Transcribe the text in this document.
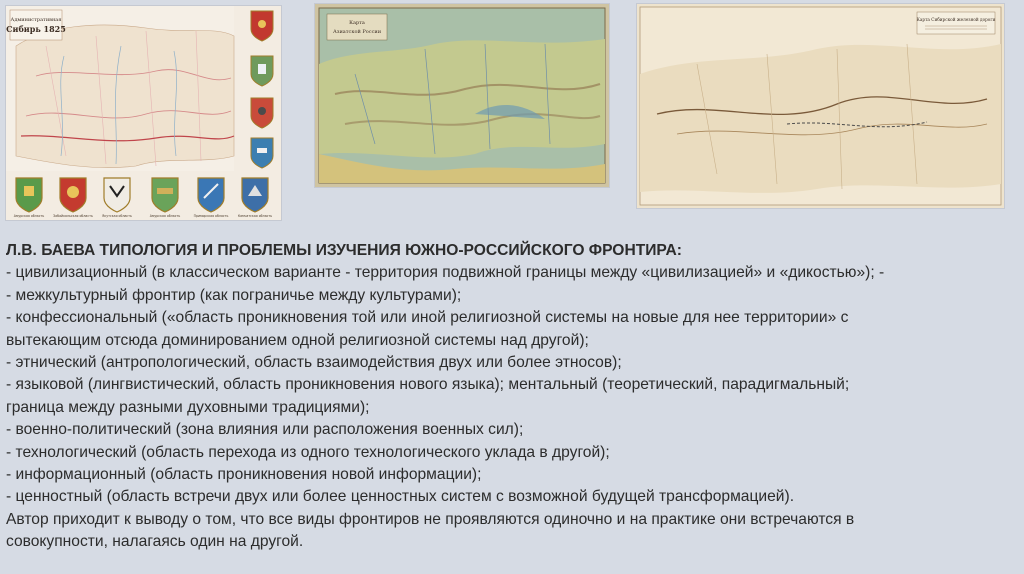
Административная
Сибирь 1825
Амурская область	Забайкальская область	Якутская область	Амурская область	Приморская область	Камчатская область
Карта
Азиатской России
Карта Сибирской железной дороги
Л.В. БАЕВА ТИПОЛОГИЯ И ПРОБЛЕМЫ ИЗУЧЕНИЯ ЮЖНО-РОССИЙСКОГО ФРОНТИРА:
- цивилизационный (в классическом варианте - территория подвижной границы между «цивилизацией» и «дикостью»); -
- межкультурный фронтир (как пограничье между культурами);
- конфессиональный («область проникновения той или иной религиозной системы на новые для нее территории» с
вытекающим отсюда доминированием одной религиозной системы над другой);
- этнический (антропологический, область взаимодействия двух или более этносов);
- языковой (лингвистический, область проникновения нового языка); ментальный (теоретический, парадигмальный;
граница между разными духовными традициями);
- военно-политический (зона влияния или расположения военных сил);
- технологический (область перехода из одного технологического уклада в другой);
- информационный (область проникновения новой информации);
- ценностный (область встречи двух или более ценностных систем с возможной будущей трансформацией).
Автор приходит к выводу о том, что все виды фронтиров не проявляются одиночно и на практике они встречаются в
совокупности, налагаясь один на другой.
